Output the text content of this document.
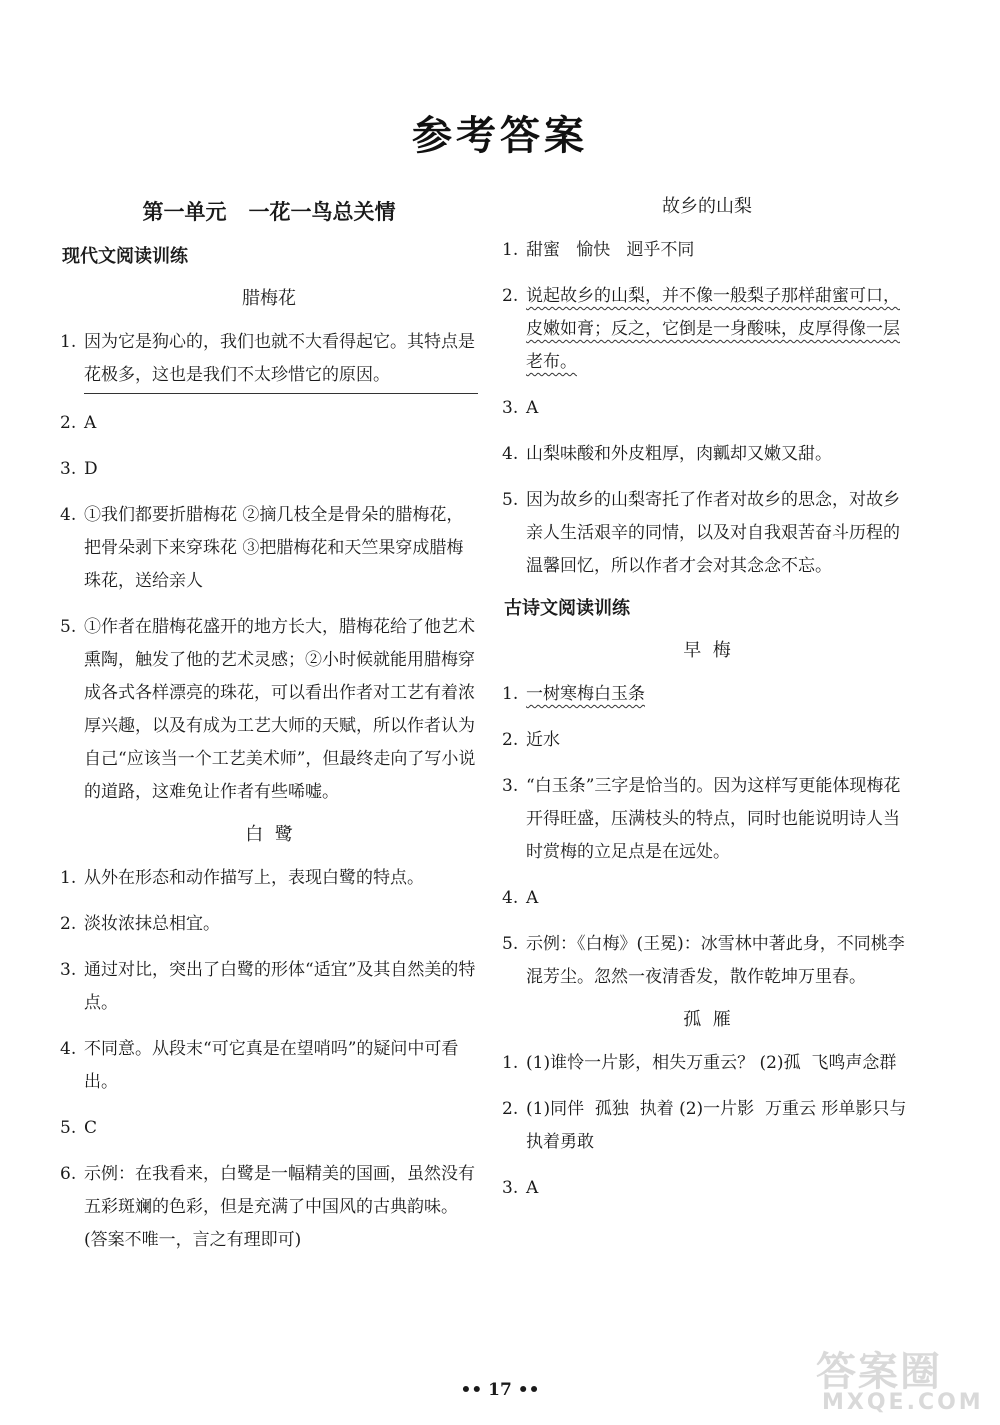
参考答案
第一单元   一花一鸟总关情
现代文阅读训练
腊梅花
1. 因为它是狗心的，我们也就不大看得起它。其特点是花极多，这也是我们不太珍惜它的原因。
2. A
3. D
4. ①我们都要折腊梅花 ②摘几枝全是骨朵的腊梅花，把骨朵剥下来穿珠花 ③把腊梅花和天竺果穿成腊梅珠花，送给亲人
5. ①作者在腊梅花盛开的地方长大，腊梅花给了他艺术熏陶，触发了他的艺术灵感；②小时候就能用腊梅穿成各式各样漂亮的珠花，可以看出作者对工艺有着浓厚兴趣，以及有成为工艺大师的天赋，所以作者认为自己“应该当一个工艺美术师”，但最终走向了写小说的道路，这难免让作者有些唏嘘。
白  鹭
1. 从外在形态和动作描写上，表现白鹭的特点。
2. 淡妆浓抹总相宜。
3. 通过对比，突出了白鹭的形体“适宜”及其自然美的特点。
4. 不同意。从段末“可它真是在望哨吗”的疑问中可看出。
5. C
6. 示例：在我看来，白鹭是一幅精美的国画，虽然没有五彩斑斓的色彩，但是充满了中国风的古典韵味。(答案不唯一，言之有理即可)
故乡的山梨
1. 甜蜜   愉快   迥乎不同
2. 说起故乡的山梨，并不像一般梨子那样甜蜜可口，皮嫩如膏；反之，它倒是一身酸味，皮厚得像一层老布。
3. A
4. 山梨味酸和外皮粗厚，肉瓤却又嫩又甜。
5. 因为故乡的山梨寄托了作者对故乡的思念，对故乡亲人生活艰辛的同情，以及对自我艰苦奋斗历程的温馨回忆，所以作者才会对其念念不忘。
古诗文阅读训练
早  梅
1. 一树寒梅白玉条
2. 近水
3. “白玉条”三字是恰当的。因为这样写更能体现梅花开得旺盛，压满枝头的特点，同时也能说明诗人当时赏梅的立足点是在远处。
4. A
5. 示例：《白梅》(王冕)：冰雪林中著此身，不同桃李混芳尘。忽然一夜清香发，散作乾坤万里春。
孤  雁
1. (1)谁怜一片影，相失万重云？ (2)孤  飞鸣声念群
2. (1)同伴  孤独  执着 (2)一片影  万重云 形单影只与执着勇敢
3. A
•• 17 ••	答案圈
MXQE.COM
